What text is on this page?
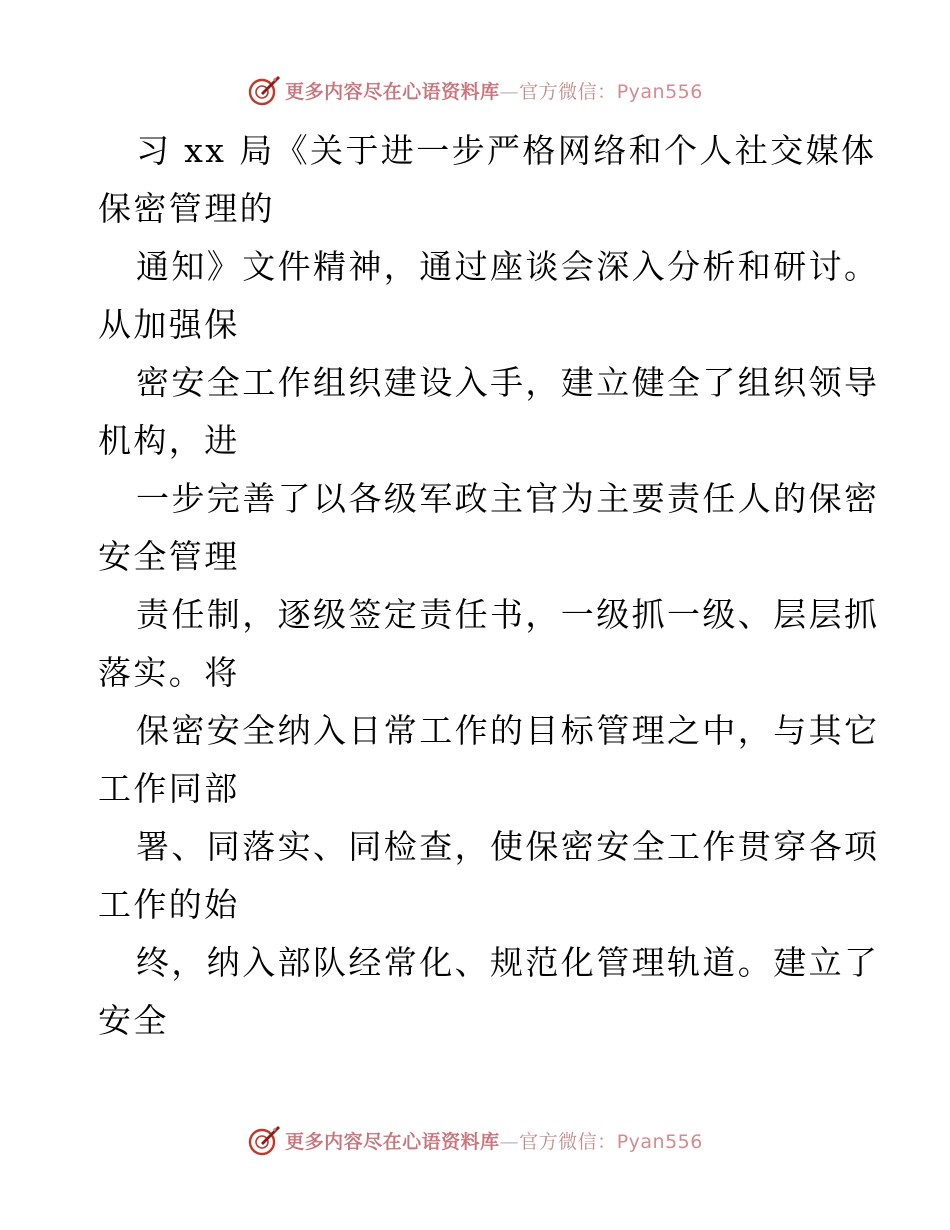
更多内容尽在心语资料库—官方微信：Pyan556
习 xx 局《关于进一步严格网络和个人社交媒体
保密管理的
通知》文件精神，通过座谈会深入分析和研讨。
从加强保
密安全工作组织建设入手，建立健全了组织领导
机构，进
一步完善了以各级军政主官为主要责任人的保密
安全管理
责任制，逐级签定责任书，一级抓一级、层层抓
落实。将
保密安全纳入日常工作的目标管理之中，与其它
工作同部
署、同落实、同检查，使保密安全工作贯穿各项
工作的始
终，纳入部队经常化、规范化管理轨道。建立了
安全
更多内容尽在心语资料库—官方微信：Pyan556
